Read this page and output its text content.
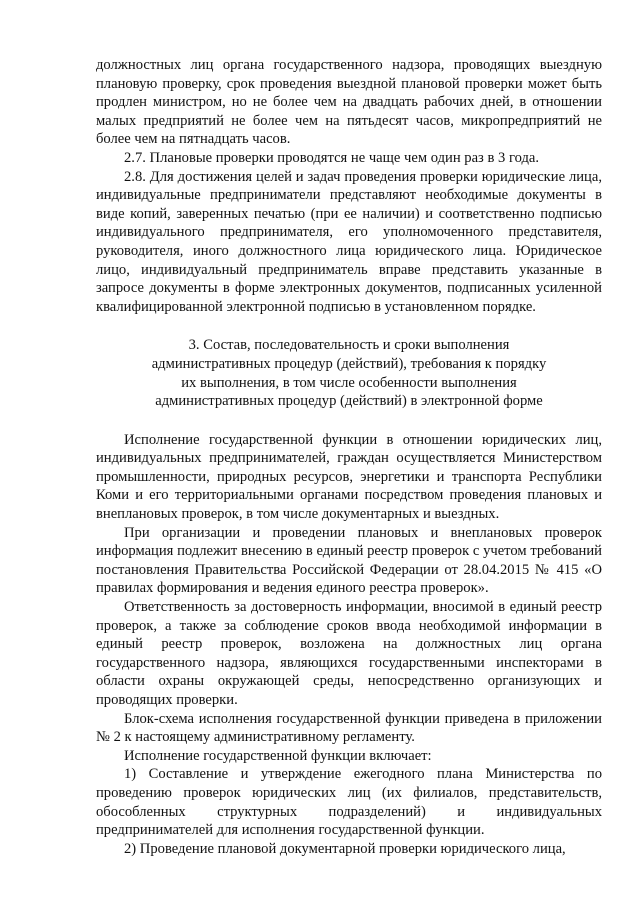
должностных лиц органа государственного надзора, проводящих выездную плановую проверку, срок проведения выездной плановой проверки может быть продлен министром, но не более чем на двадцать рабочих дней, в отношении малых предприятий не более чем на пятьдесят часов, микропредприятий не более чем на пятнадцать часов.

2.7. Плановые проверки проводятся не чаще чем один раз в 3 года.

2.8. Для достижения целей и задач проведения проверки юридические лица, индивидуальные предприниматели представляют необходимые документы в виде копий, заверенных печатью (при ее наличии) и соответственно подписью индивидуального предпринимателя, его уполномоченного представителя, руководителя, иного должностного лица юридического лица. Юридическое лицо, индивидуальный предприниматель вправе представить указанные в запросе документы в форме электронных документов, подписанных усиленной квалифицированной электронной подписью в установленном порядке.

3. Состав, последовательность и сроки выполнения
административных процедур (действий), требования к порядку
их выполнения, в том числе особенности выполнения
административных процедур (действий) в электронной форме

Исполнение государственной функции в отношении юридических лиц, индивидуальных предпринимателей, граждан осуществляется Министерством промышленности, природных ресурсов, энергетики и транспорта Республики Коми и его территориальными органами посредством проведения плановых и внеплановых проверок, в том числе документарных и выездных.

При организации и проведении плановых и внеплановых проверок информация подлежит внесению в единый реестр проверок с учетом требований постановления Правительства Российской Федерации от 28.04.2015 № 415 «О правилах формирования и ведения единого реестра проверок».

Ответственность за достоверность информации, вносимой в единый реестр проверок, а также за соблюдение сроков ввода необходимой информации в единый реестр проверок, возложена на должностных лиц органа государственного надзора, являющихся государственными инспекторами в области охраны окружающей среды, непосредственно организующих и проводящих проверки.

Блок-схема исполнения государственной функции приведена в приложении № 2 к настоящему административному регламенту.

Исполнение государственной функции включает:

1) Составление и утверждение ежегодного плана Министерства по проведению проверок юридических лиц (их филиалов, представительств, обособленных структурных подразделений) и индивидуальных предпринимателей для исполнения государственной функции.

2) Проведение плановой документарной проверки юридического лица,
